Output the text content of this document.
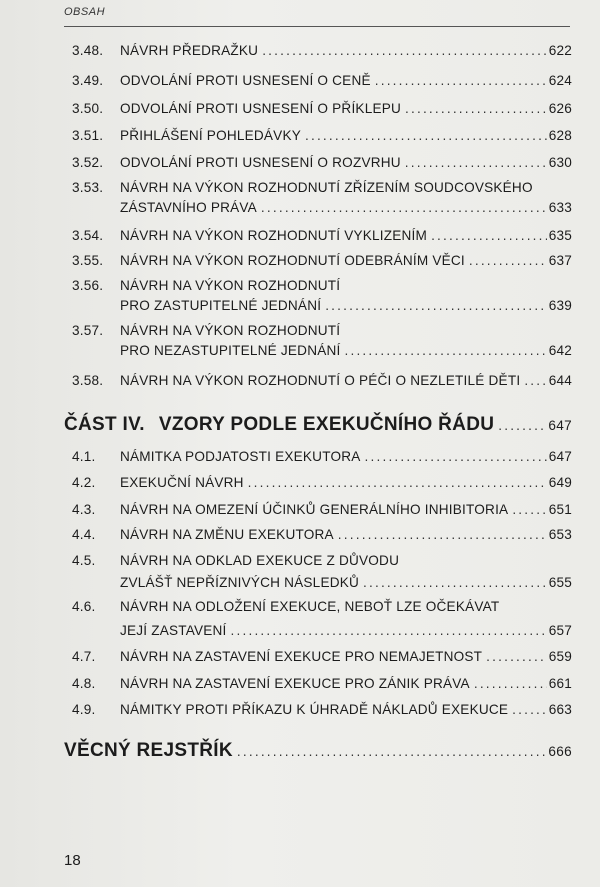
OBSAH
3.48. NÁVRH PŘEDRAŽKU .....	622
3.49. ODVOLÁNÍ PROTI USNESENÍ O CENĚ .....	624
3.50. ODVOLÁNÍ PROTI USNESENÍ O PŘÍKLEPU .....	626
3.51. PŘIHLÁŠENÍ POHLEDÁVKY .....	628
3.52. ODVOLÁNÍ PROTI USNESENÍ O ROZVRHU .....	630
3.53. NÁVRH NA VÝKON ROZHODNUTÍ ZŘÍZENÍM SOUDCOVSKÉHO
ZÁSTAVNÍHO PRÁVA .....	633
3.54. NÁVRH NA VÝKON ROZHODNUTÍ VYKLIZENÍM .....	635
3.55. NÁVRH NA VÝKON ROZHODNUTÍ ODEBRÁNÍM VĚCI .....	637
3.56. NÁVRH NA VÝKON ROZHODNUTÍ
PRO ZASTUPITELNÉ JEDNÁNÍ .....	639
3.57. NÁVRH NA VÝKON ROZHODNUTÍ
PRO NEZASTUPITELNÉ JEDNÁNÍ .....	642
3.58. NÁVRH NA VÝKON ROZHODNUTÍ O PÉČI O NEZLETILÉ DĚTI ..... 644
ČÁST IV. VZORY PODLE EXEKUČNÍHO ŘÁDU .....	647
4.1. NÁMITKA PODJATOSTI EXEKUTORA .....	647
4.2. EXEKUČNÍ NÁVRH .....	649
4.3. NÁVRH NA OMEZENÍ ÚČINKŮ GENERÁLNÍHO INHIBITORIA .....	651
4.4. NÁVRH NA ZMĚNU EXEKUTORA .....	653
4.5. NÁVRH NA ODKLAD EXEKUCE Z DŮVODU
ZVLÁŠŤ NEPŘÍZNIVÝCH NÁSLEDKŮ .....	655
4.6. NÁVRH NA ODLOŽENÍ EXEKUCE, NEBOŤ LZE OČEKÁVAT
JEJÍ ZASTAVENÍ .....	657
4.7. NÁVRH NA ZASTAVENÍ EXEKUCE PRO NEMAJETNOST .....	659
4.8. NÁVRH NA ZASTAVENÍ EXEKUCE PRO ZÁNIK PRÁVA .....	661
4.9. NÁMITKY PROTI PŘÍKAZU K ÚHRADĚ NÁKLADŮ EXEKUCE .....	663
VĚCNÝ REJSTŘÍK .....	666
18
